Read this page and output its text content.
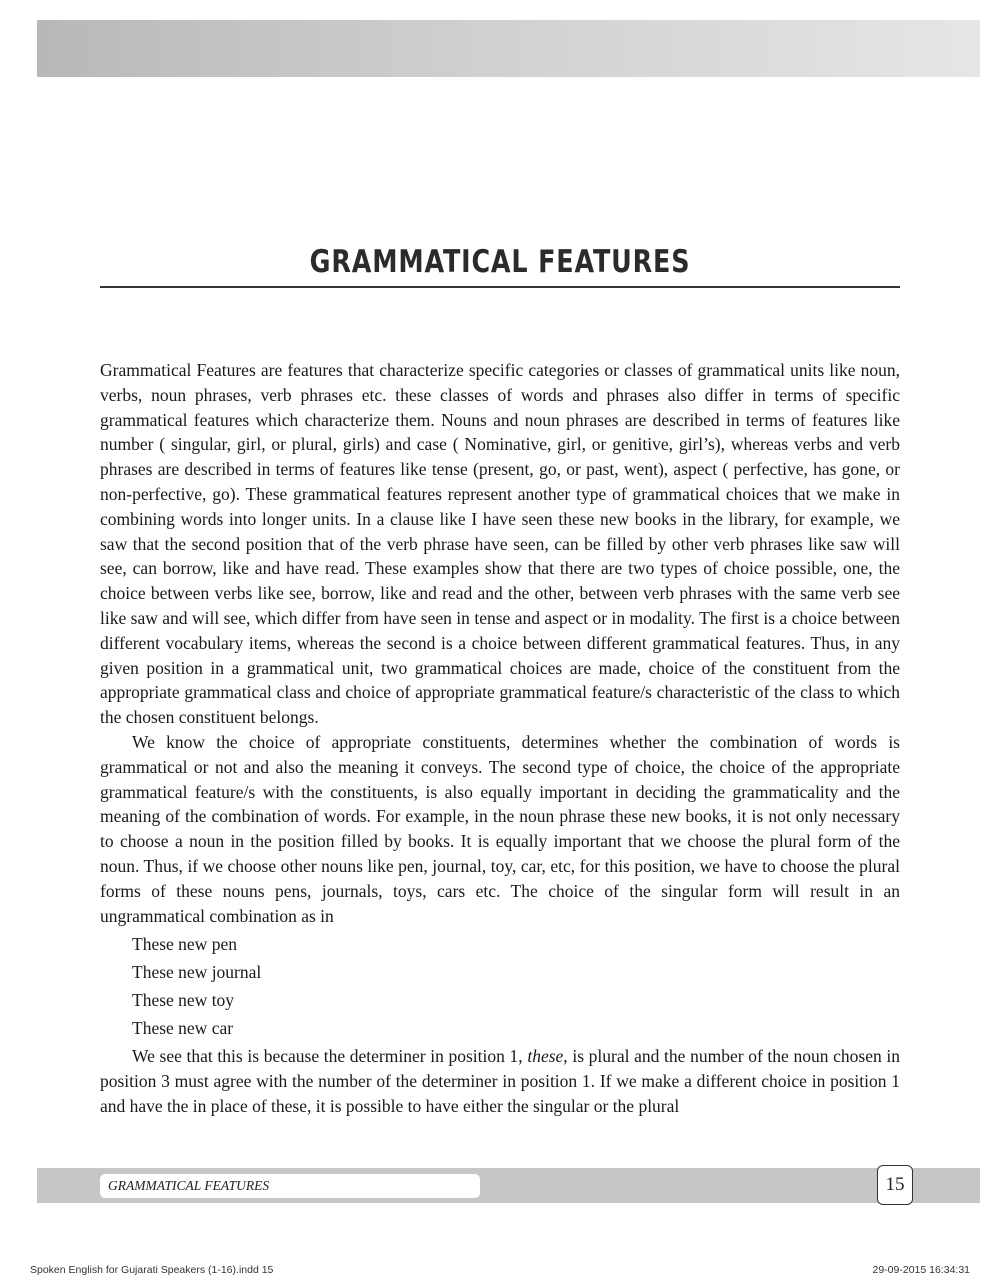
GRAMMATICAL FEATURES

Grammatical Features are features that characterize specific categories or classes of grammatical units like noun, verbs, noun phrases, verb phrases etc. these classes of words and phrases also differ in terms of specific grammatical features which characterize them. Nouns and noun phrases are described in terms of features like number ( singular, girl, or plural, girls) and case ( Nominative, girl, or genitive, girl’s), whereas verbs and verb phrases are described in terms of features like tense (present, go, or past, went), aspect ( perfective, has gone, or non-perfective, go). These grammatical features represent another type of grammatical choices that we make in combining words into longer units. In a clause like I have seen these new books in the library, for example, we saw that the second position that of the verb phrase have seen, can be filled by other verb phrases like saw will see, can borrow, like and have read. These examples show that there are two types of choice possible, one, the choice between verbs like see, borrow, like and read and the other, between verb phrases with the same verb see like saw and will see, which differ from have seen in tense and aspect or in modality. The first is a choice between different vocabulary items, whereas the second is a choice between different grammatical features. Thus, in any given position in a grammatical unit, two grammatical choices are made, choice of the constituent from the appropriate grammatical class and choice of appropriate grammatical feature/s characteristic of the class to which the chosen constituent belongs.

We know the choice of appropriate constituents, determines whether the combination of words is grammatical or not and also the meaning it conveys. The second type of choice, the choice of the appropriate grammatical feature/s with the constituents, is also equally important in deciding the grammaticality and the meaning of the combination of words. For example, in the noun phrase these new books, it is not only necessary to choose a noun in the position filled by books. It is equally important that we choose the plural form of the noun. Thus, if we choose other nouns like pen, journal, toy, car, etc, for this position, we have to choose the plural forms of these nouns pens, journals, toys, cars etc. The choice of the singular form will result in an ungrammatical combination as in

These new pen
These new journal
These new toy
These new car

We see that this is because the determiner in position 1, these, is plural and the number of the noun chosen in position 3 must agree with the number of the determiner in position 1. If we make a different choice in position 1 and have the in place of these, it is possible to have either the singular or the plural

GRAMMATICAL FEATURES	15
Spoken English for Gujarati Speakers (1-16).indd 15	29-09-2015 16:34:31
